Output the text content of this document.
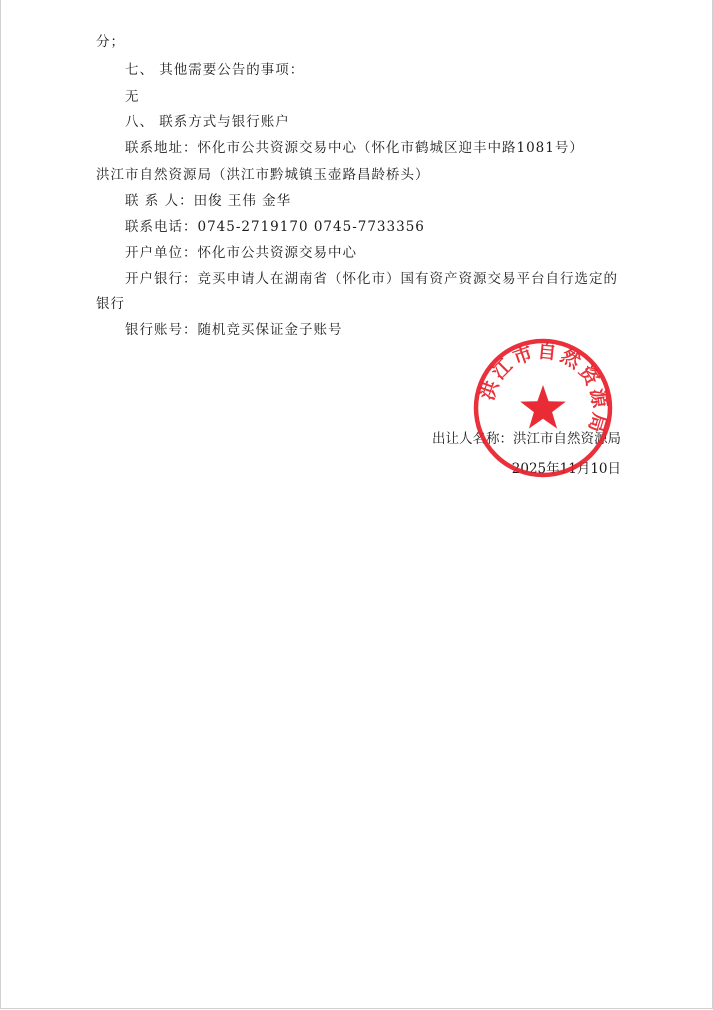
分；
七、 其他需要公告的事项：
无
八、 联系方式与银行账户
联系地址：怀化市公共资源交易中心（怀化市鹤城区迎丰中路1081号）
洪江市自然资源局（洪江市黔城镇玉壶路昌龄桥头）
联 系 人：田俊 王伟 金华
联系电话：0745-2719170 0745-7733356
开户单位：怀化市公共资源交易中心
开户银行：竞买申请人在湖南省（怀化市）国有资产资源交易平台自行选定的
银行
银行账号：随机竞买保证金子账号
出让人名称：洪江市自然资源局
2025年11月10日
洪江市自然资源局
